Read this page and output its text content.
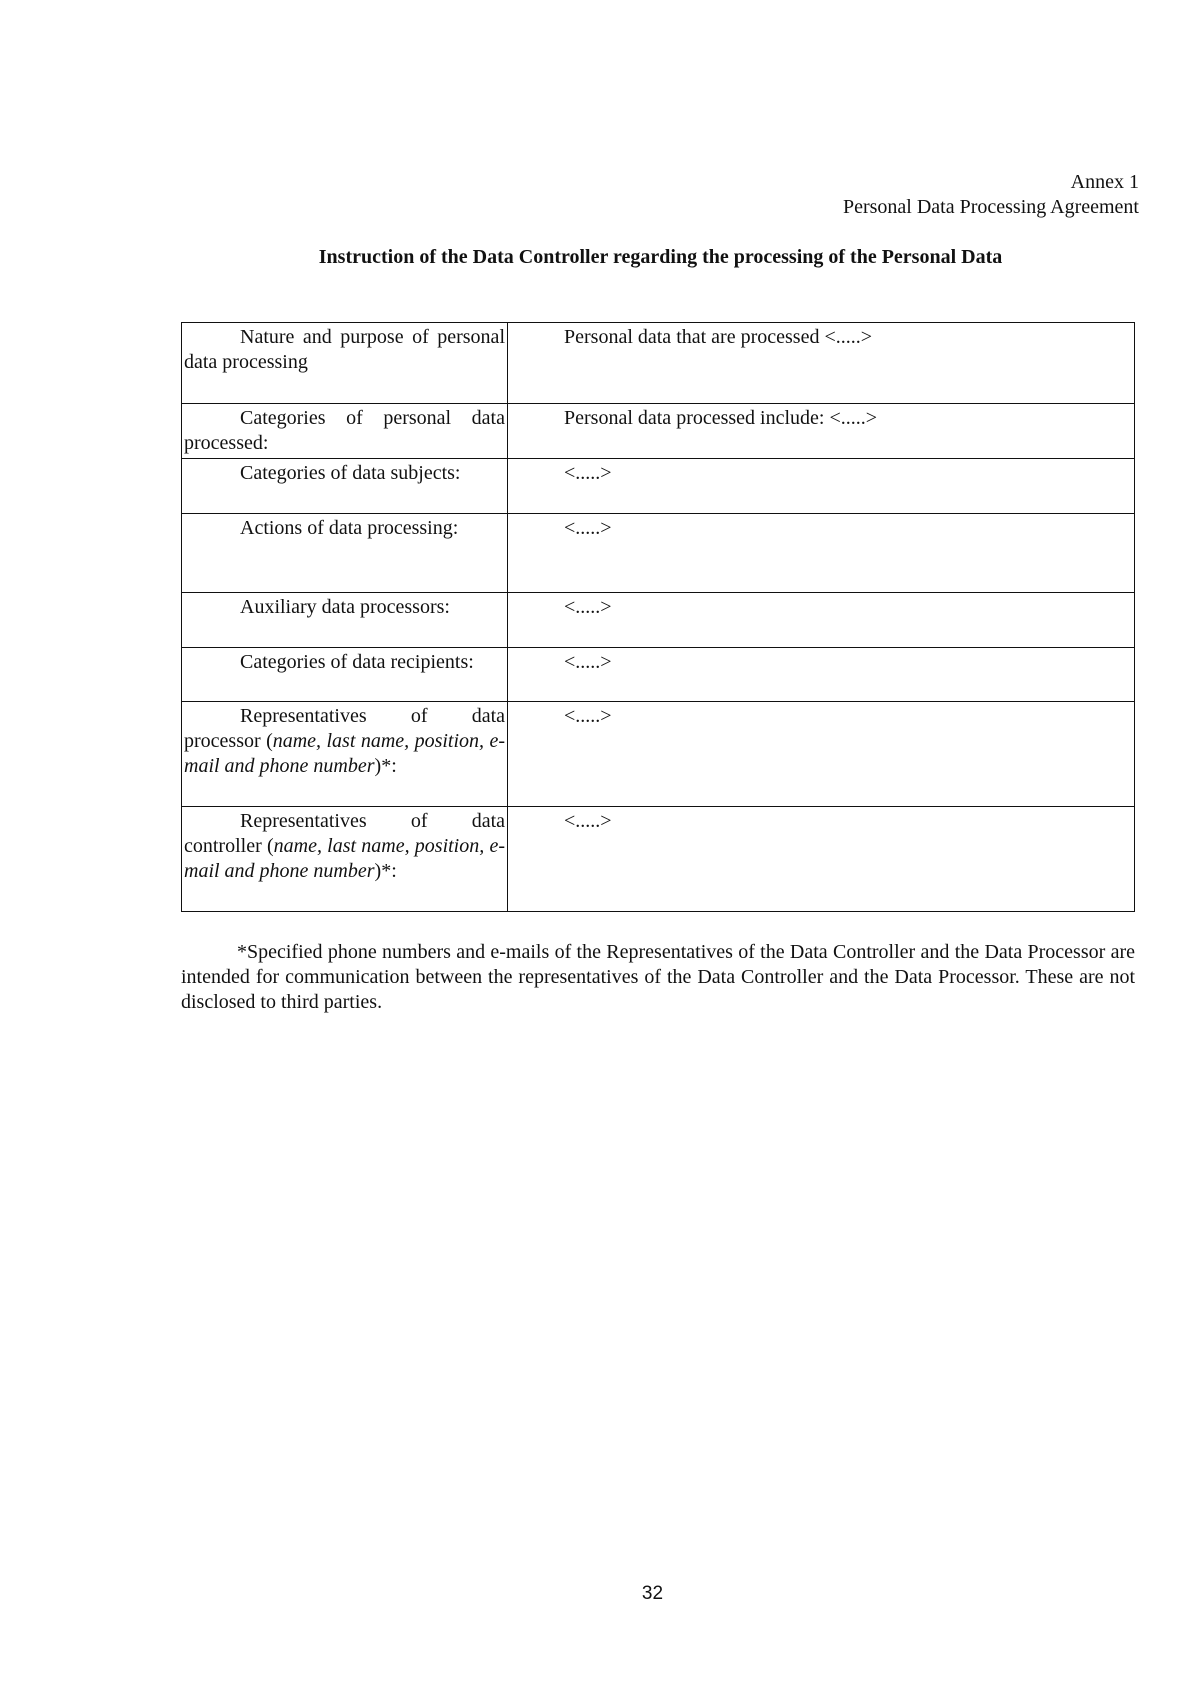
Annex 1
Personal Data Processing Agreement
Instruction of the Data Controller regarding the processing of the Personal Data
Nature and purpose of personal data processing	Personal data that are processed <.....>
Categories of personal data processed:	Personal data processed include: <.....>
Categories of data subjects:	<.....>
Actions of data processing:	<.....>
Auxiliary data processors:	<.....>
Categories of data recipients:	<.....>
Representatives of data processor (name, last name, position, e-mail and phone number)*:	<.....>
Representatives of data controller (name, last name, position, e-mail and phone number)*:	<.....>
*Specified phone numbers and e-mails of the Representatives of the Data Controller and the Data Processor are intended for communication between the representatives of the Data Controller and the Data Processor. These are not disclosed to third parties.
32
